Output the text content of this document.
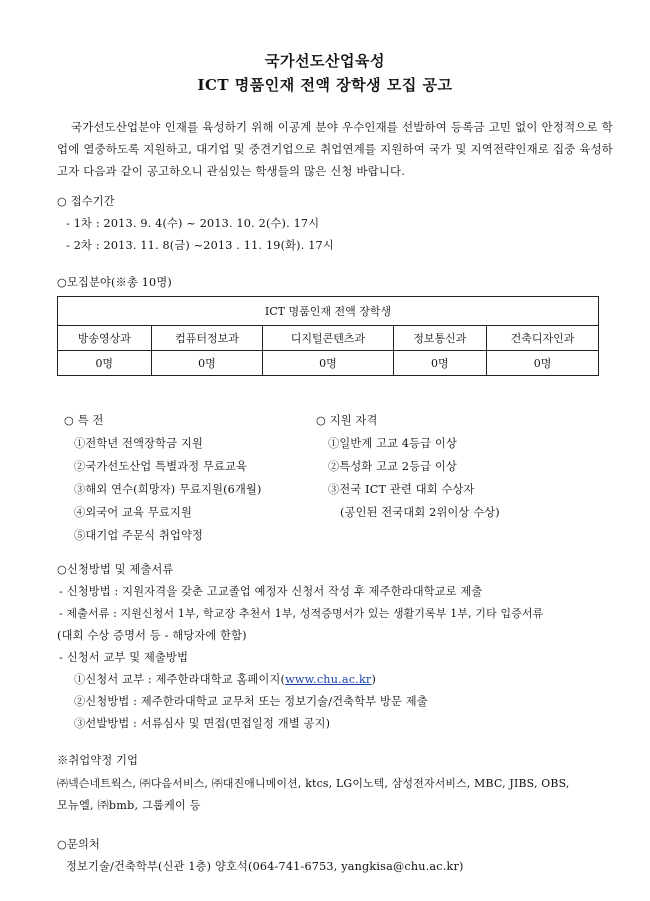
국가선도산업육성
ICT 명품인재 전액 장학생 모집 공고
국가선도산업분야 인재를 육성하기 위해 이공계 분야 우수인재를 선발하여 등록금 고민 없이 안정적으로 학업에 열중하도록 지원하고, 대기업 및 중견기업으로 취업연계를 지원하여 국가 및 지역전략인재로 집중 육성하고자 다음과 같이 공고하오니 관심있는 학생들의 많은 신청 바랍니다.
○ 접수기간
- 1차 : 2013. 9. 4(수) ~ 2013. 10. 2(수). 17시
- 2차 : 2013. 11. 8(금) ~2013 . 11. 19(화). 17시
○모집분야(※총 10명)
ICT 명품인재 전액 장학생				
방송영상과	컴퓨터정보과	디지털콘텐츠과	정보통신과	건축디자인과
0명	0명	0명	0명	0명
○ 특 전
①전학년 전액장학금 지원
②국가선도산업 특별과정 무료교육
③해외 연수(희망자) 무료지원(6개월)
④외국어 교육 무료지원
⑤대기업 주문식 취업약정
○ 지원 자격
①일반계 고교 4등급 이상
②특성화 고교 2등급 이상
③전국 ICT 관련 대회 수상자
(공인된 전국대회 2위이상 수상)
○신청방법 및 제출서류
- 신청방법 : 지원자격을 갖춘 고교졸업 예정자 신청서 작성 후 제주한라대학교로 제출
- 제출서류 : 지원신청서 1부, 학교장 추천서 1부, 성적증명서가 있는 생활기록부 1부, 기타 입증서류
(대회 수상 증명서 등 - 해당자에 한함)
- 신청서 교부 및 제출방법
①신청서 교부 : 제주한라대학교 홈페이지(www.chu.ac.kr)
②신청방법 : 제주한라대학교 교무처 또는 정보기술/건축학부 방문 제출
③선발방법 : 서류심사 및 면접(면접일정 개별 공지)
※취업약정 기업
㈜넥슨네트웍스, ㈜다음서비스, ㈜대진애니메이션, ktcs, LG이노텍, 삼성전자서비스, MBC, JIBS, OBS,
모뉴엘, ㈜bmb, 그룹케이 등
○문의처
정보기술/건축학부(신관 1층) 양호석(064-741-6753, yangkisa@chu.ac.kr)
